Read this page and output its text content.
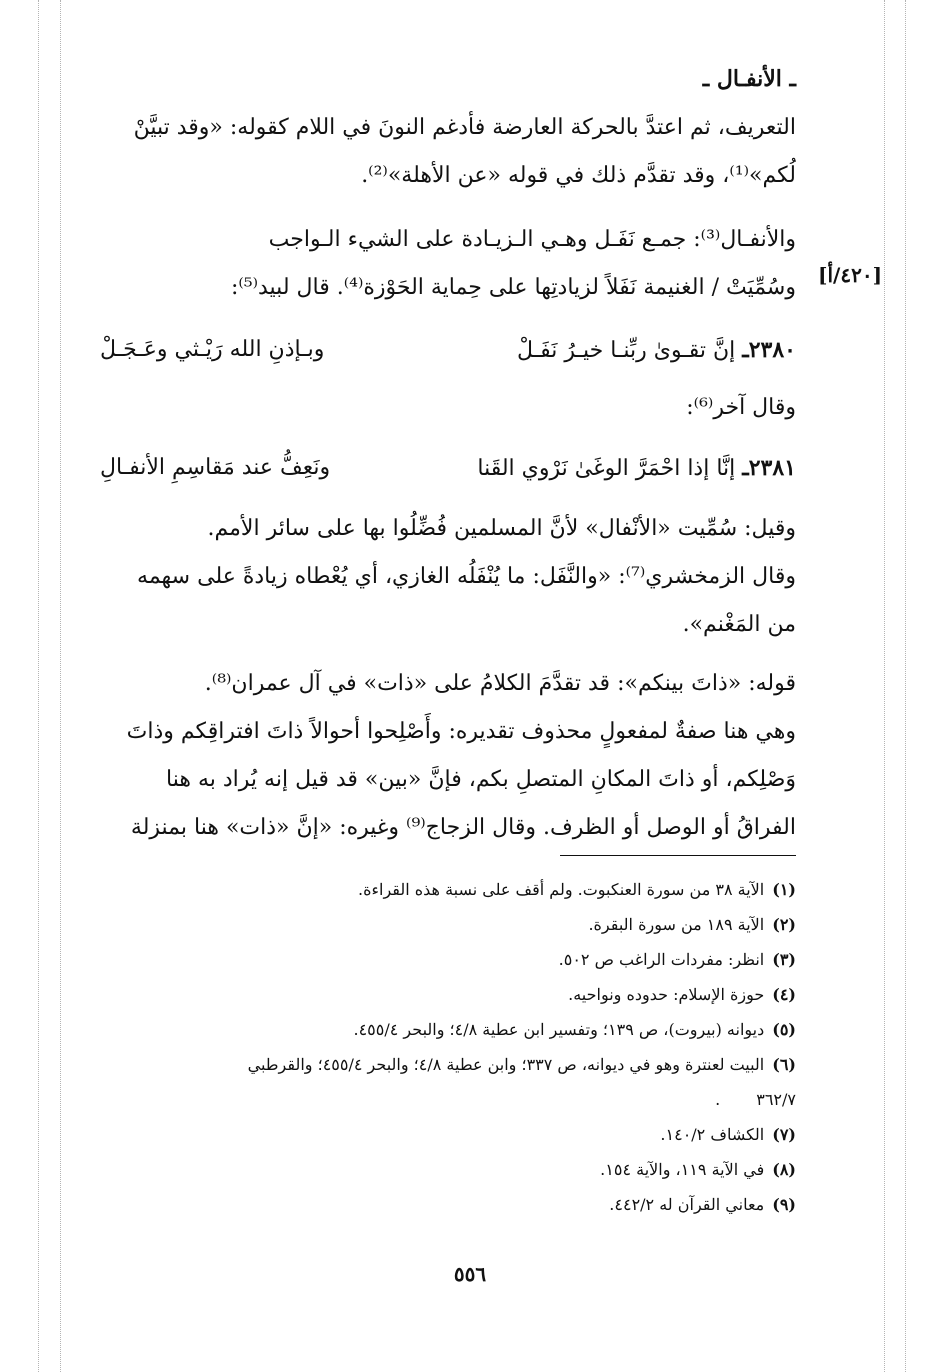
[٤٢٠/أ]
ـ الأنفـال ـ
التعريف، ثم اعتدَّ بالحركة العارضة فأدغم النونَ في اللام كقوله: «وقد تبيَّنْ
لُكم»⁽¹⁾، وقد تقدَّم ذلك في قوله «عن الأهلة»⁽²⁾.
والأنفـال⁽³⁾: جمـع نَفَـل وهـي الـزيـادة على الشيء الـواجب
وسُمِّيَتْ / الغنيمة نَفَلاً لزيادتِها على حِماية الحَوْزة⁽⁴⁾. قال لبيد⁽⁵⁾:
٢٣٨٠ـ إنَّ تقـوىٰ ربِّنـا خيـرُ نَفَـلْ
وبـإذنِ الله رَيْـثي وعَـجَـلْ
وقال آخر⁽⁶⁾:
٢٣٨١ـ إنَّا إذا احْمَرَّ الوغَىٰ نَرْوي القَنا
ونَعِفُّ عند مَقاسِمِ الأنفـالِ
وقيل: سُمِّيت «الأنْفال» لأنَّ المسلمين فُضِّلُوا بها على سائر الأمم.
وقال الزمخشري⁽⁷⁾: «والنَّفَل: ما يُنْفَلُه الغازي، أي يُعْطاه زيادةً على سهمه
من المَغْنم».
قوله: «ذاتَ بينكم»: قد تقدَّمَ الكلامُ على «ذات» في آل عمران⁽⁸⁾.
وهي هنا صفةٌ لمفعولٍ محذوف تقديره: وأَصْلِحوا أحوالاً ذاتَ افتراقِكم وذاتَ
وَصْلِكم، أو ذاتَ المكانِ المتصلِ بكم، فإنَّ «بين» قد قيل إنه يُراد به هنا
الفراقُ أو الوصل أو الظرف. وقال الزجاج⁽⁹⁾ وغيره: «إنَّ «ذات» هنا بمنزلة
(١)الآية ٣٨ من سورة العنكبوت. ولم أقف على نسبة هذه القراءة.
(٢)الآية ١٨٩ من سورة البقرة.
(٣)انظر: مفردات الراغب ص ٥٠٢.
(٤)حوزة الإسلام: حدوده ونواحيه.
(٥)ديوانه (بيروت)، ص ١٣٩؛ وتفسير ابن عطية ٤/٨؛ والبحر ٤٥٥/٤.
(٦)البيت لعنترة وهو في ديوانه، ص ٣٣٧؛ وابن عطية ٤/٨؛ والبحر ٤٥٥/٤؛ والقرطبي
٣٦٢/٧.
(٧)الكشاف ١٤٠/٢.
(٨)في الآية ١١٩، والآية ١٥٤.
(٩)معاني القرآن له ٤٤٢/٢.
٥٥٦
